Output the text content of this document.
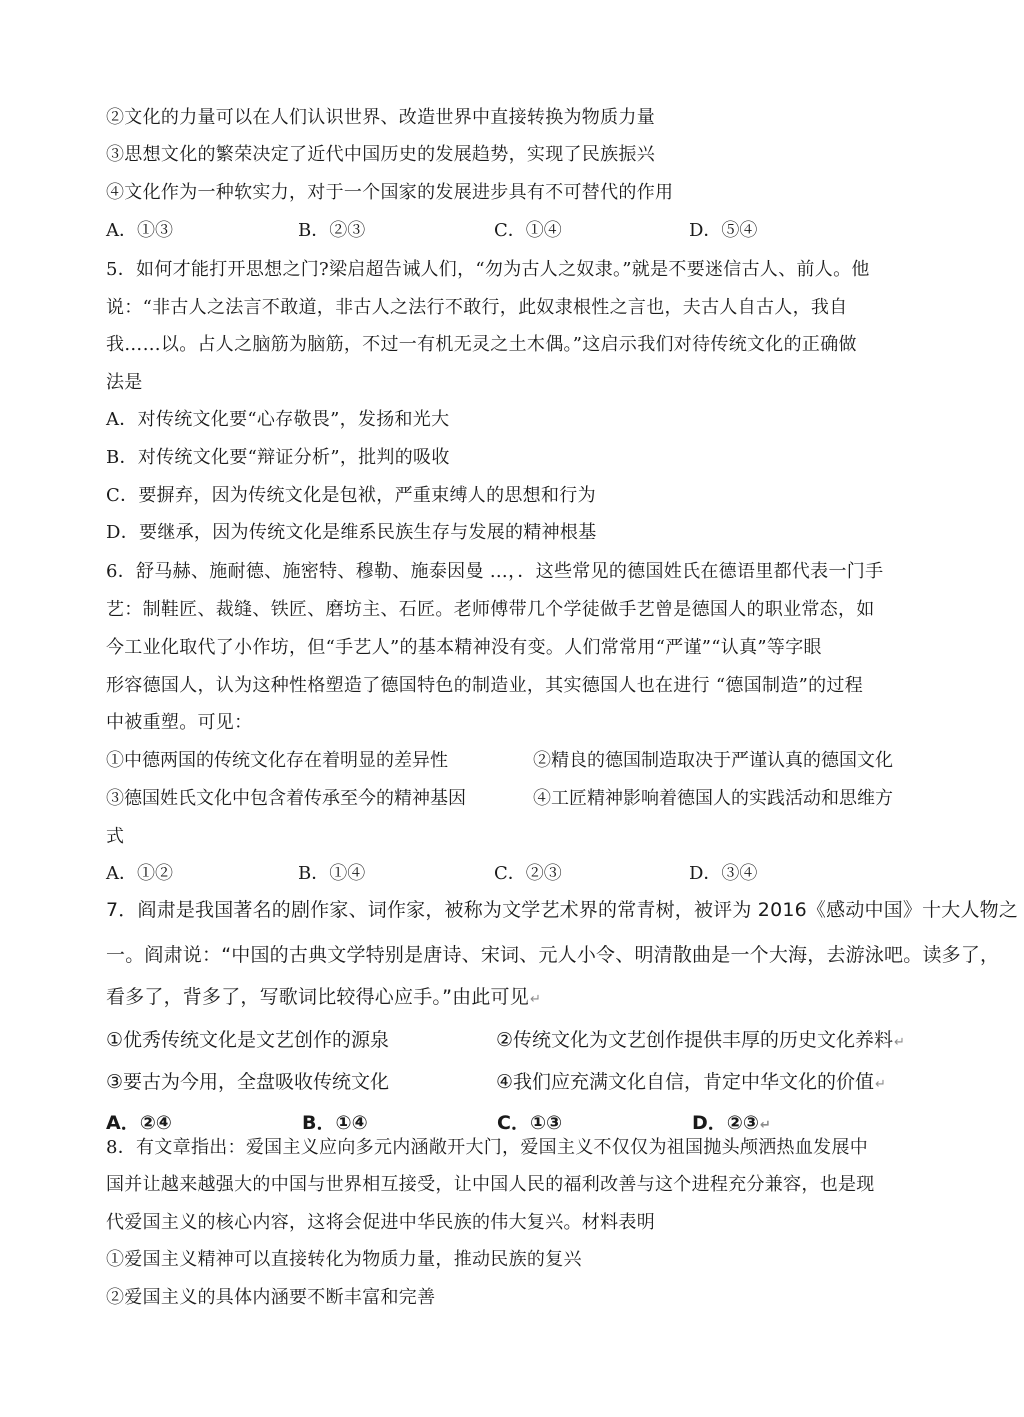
②文化的力量可以在人们认识世界、改造世界中直接转换为物质力量
③思想文化的繁荣决定了近代中国历史的发展趋势，实现了民族振兴
④文化作为一种软实力，对于一个国家的发展进步具有不可替代的作用
A．①③	B．②③	C．①④	D．⑤④
5．如何才能打开思想之门?梁启超告诫人们，“勿为古人之奴隶。”就是不要迷信古人、前人。他
说：“非古人之法言不敢道，非古人之法行不敢行，此奴隶根性之言也，夫古人自古人，我自
我……以。占人之脑筋为脑筋，不过一有机无灵之土木偶。”这启示我们对待传统文化的正确做
法是
A．对传统文化要“心存敬畏”，发扬和光大
B．对传统文化要“辩证分析”，批判的吸收
C．要摒弃，因为传统文化是包袱，严重束缚人的思想和行为
D．要继承，因为传统文化是维系民族生存与发展的精神根基
6．舒马赫、施耐德、施密特、穆勒、施泰因曼 …，．这些常见的德国姓氏在德语里都代表一门手
艺：制鞋匠、裁缝、铁匠、磨坊主、石匠。老师傅带几个学徒做手艺曾是德国人的职业常态，如
今工业化取代了小作坊，但“手艺人”的基本精神没有变。人们常常用“严谨”“认真”等字眼
形容德国人，认为这种性格塑造了德国特色的制造业，其实德国人也在进行 “德国制造”的过程
中被重塑。可见：
①中德两国的传统文化存在着明显的差异性	②精良的德国制造取决于严谨认真的德国文化
③德国姓氏文化中包含着传承至今的精神基因	④工匠精神影响着德国人的实践活动和思维方
式
A．①②	B．①④	C．②③	D．③④
7．阎肃是我国著名的剧作家、词作家，被称为文学艺术界的常青树，被评为 2016《感动中国》十大人物之
一。阎肃说：“中国的古典文学特别是唐诗、宋词、元人小令、明清散曲是一个大海，去游泳吧。读多了，
看多了，背多了，写歌词比较得心应手。”由此可见↵
①优秀传统文化是文艺创作的源泉	②传统文化为文艺创作提供丰厚的历史文化养料↵
③要古为今用，全盘吸收传统文化	④我们应充满文化自信，肯定中华文化的价值↵
A．②④	B．①④	C．①③	D．②③↵
8．有文章指出：爱国主义应向多元内涵敞开大门，爱国主义不仅仅为祖国抛头颅洒热血发展中
国并让越来越强大的中国与世界相互接受，让中国人民的福利改善与这个进程充分兼容，也是现
代爱国主义的核心内容，这将会促进中华民族的伟大复兴。材料表明
①爱国主义精神可以直接转化为物质力量，推动民族的复兴
②爱国主义的具体内涵要不断丰富和完善
